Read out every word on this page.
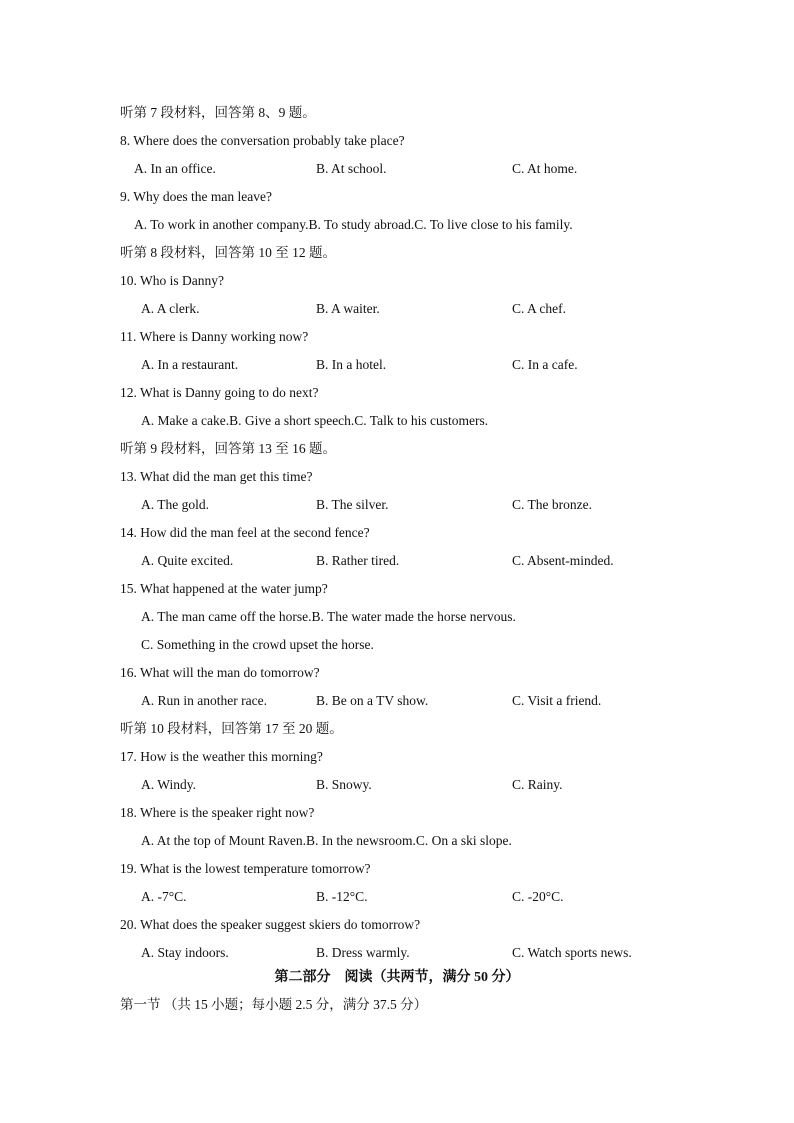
听第 7 段材料，回答第 8、9 题。
8. Where does the conversation probably take place?
A. In an office.	B. At school.	C. At home.
9. Why does the man leave?
A. To work in another company.B. To study abroad.C. To live close to his family.
听第 8 段材料，回答第 10 至 12 题。
10. Who is Danny?
A. A clerk.	B. A waiter.	C. A chef.
11. Where is Danny working now?
A. In a restaurant.	B. In a hotel.	C. In a cafe.
12. What is Danny going to do next?
A. Make a cake.B. Give a short speech.C. Talk to his customers.
听第 9 段材料，回答第 13 至 16 题。
13. What did the man get this time?
A. The gold.	B. The silver.	C. The bronze.
14. How did the man feel at the second fence?
A. Quite excited.	B. Rather tired.	C. Absent-minded.
15. What happened at the water jump?
A. The man came off the horse.B. The water made the horse nervous.
C. Something in the crowd upset the horse.
16. What will the man do tomorrow?
A. Run in another race.	B. Be on a TV show.	C. Visit a friend.
听第 10 段材料，回答第 17 至 20 题。
17. How is the weather this morning?
A. Windy.	B. Snowy.	C. Rainy.
18. Where is the speaker right now?
A. At the top of Mount Raven.B. In the newsroom.C. On a ski slope.
19. What is the lowest temperature tomorrow?
A. -7°C.	B. -12°C.	C. -20°C.
20. What does the speaker suggest skiers do tomorrow?
A. Stay indoors.	B. Dress warmly.	C. Watch sports news.
第二部分　阅读（共两节，满分 50 分）
第一节 （共 15 小题；每小题 2.5 分，满分 37.5 分）
